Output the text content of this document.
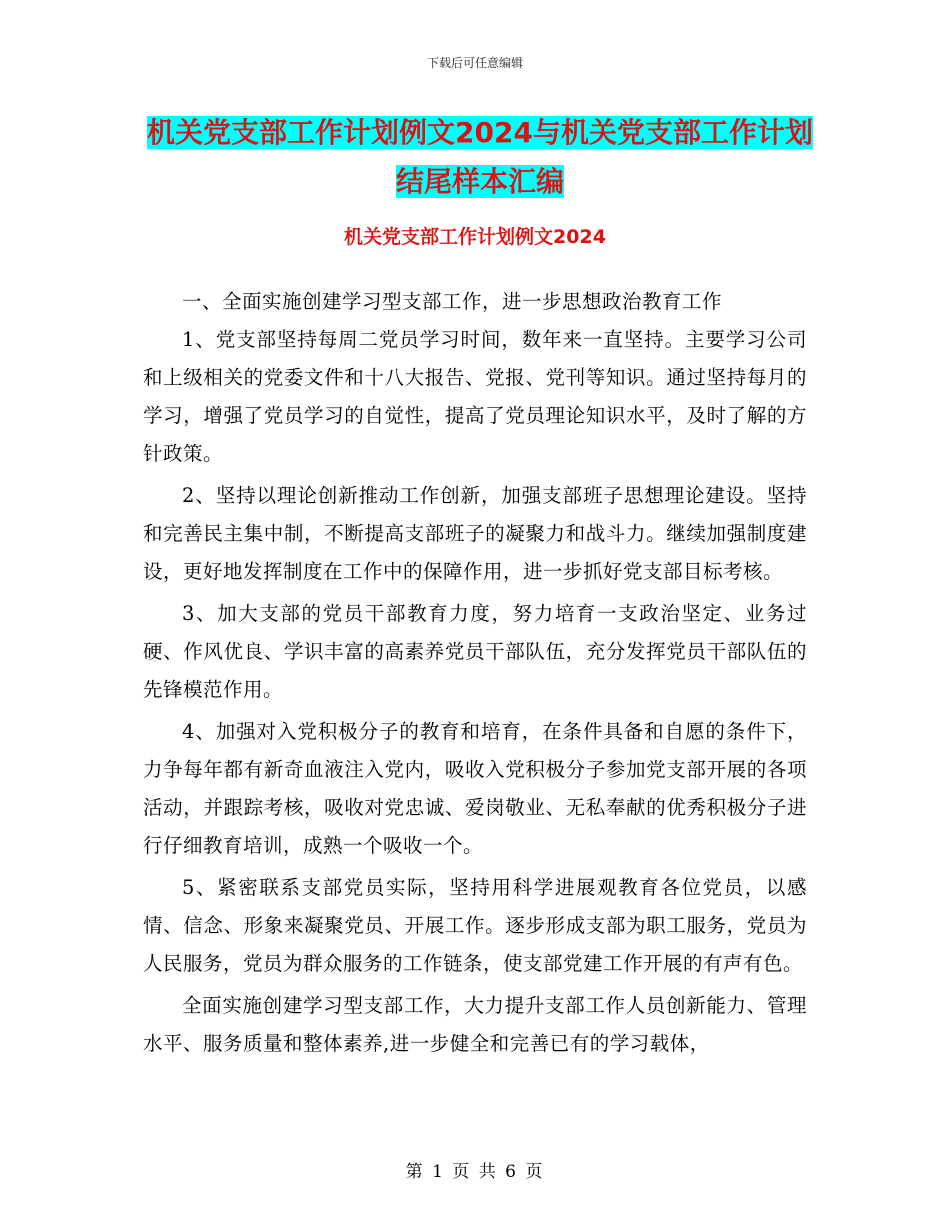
下载后可任意编辑
机关党支部工作计划例文2024与机关党支部工作计划
结尾样本汇编
机关党支部工作计划例文2024

一、全面实施创建学习型支部工作，进一步思想政治教育工作

1、党支部坚持每周二党员学习时间，数年来一直坚持。主要学习公司和上级相关的党委文件和十八大报告、党报、党刊等知识。通过坚持每月的学习，增强了党员学习的自觉性，提高了党员理论知识水平，及时了解的方针政策。

2、坚持以理论创新推动工作创新，加强支部班子思想理论建设。坚持和完善民主集中制，不断提高支部班子的凝聚力和战斗力。继续加强制度建设，更好地发挥制度在工作中的保障作用，进一步抓好党支部目标考核。

3、加大支部的党员干部教育力度，努力培育一支政治坚定、业务过硬、作风优良、学识丰富的高素养党员干部队伍，充分发挥党员干部队伍的先锋模范作用。

4、加强对入党积极分子的教育和培育，在条件具备和自愿的条件下，力争每年都有新奇血液注入党内，吸收入党积极分子参加党支部开展的各项活动，并跟踪考核，吸收对党忠诚、爱岗敬业、无私奉献的优秀积极分子进行仔细教育培训，成熟一个吸收一个。

5、紧密联系支部党员实际，坚持用科学进展观教育各位党员，以感情、信念、形象来凝聚党员、开展工作。逐步形成支部为职工服务，党员为人民服务，党员为群众服务的工作链条，使支部党建工作开展的有声有色。

全面实施创建学习型支部工作，大力提升支部工作人员创新能力、管理水平、服务质量和整体素养,进一步健全和完善已有的学习载体，

第 1 页 共 6 页
